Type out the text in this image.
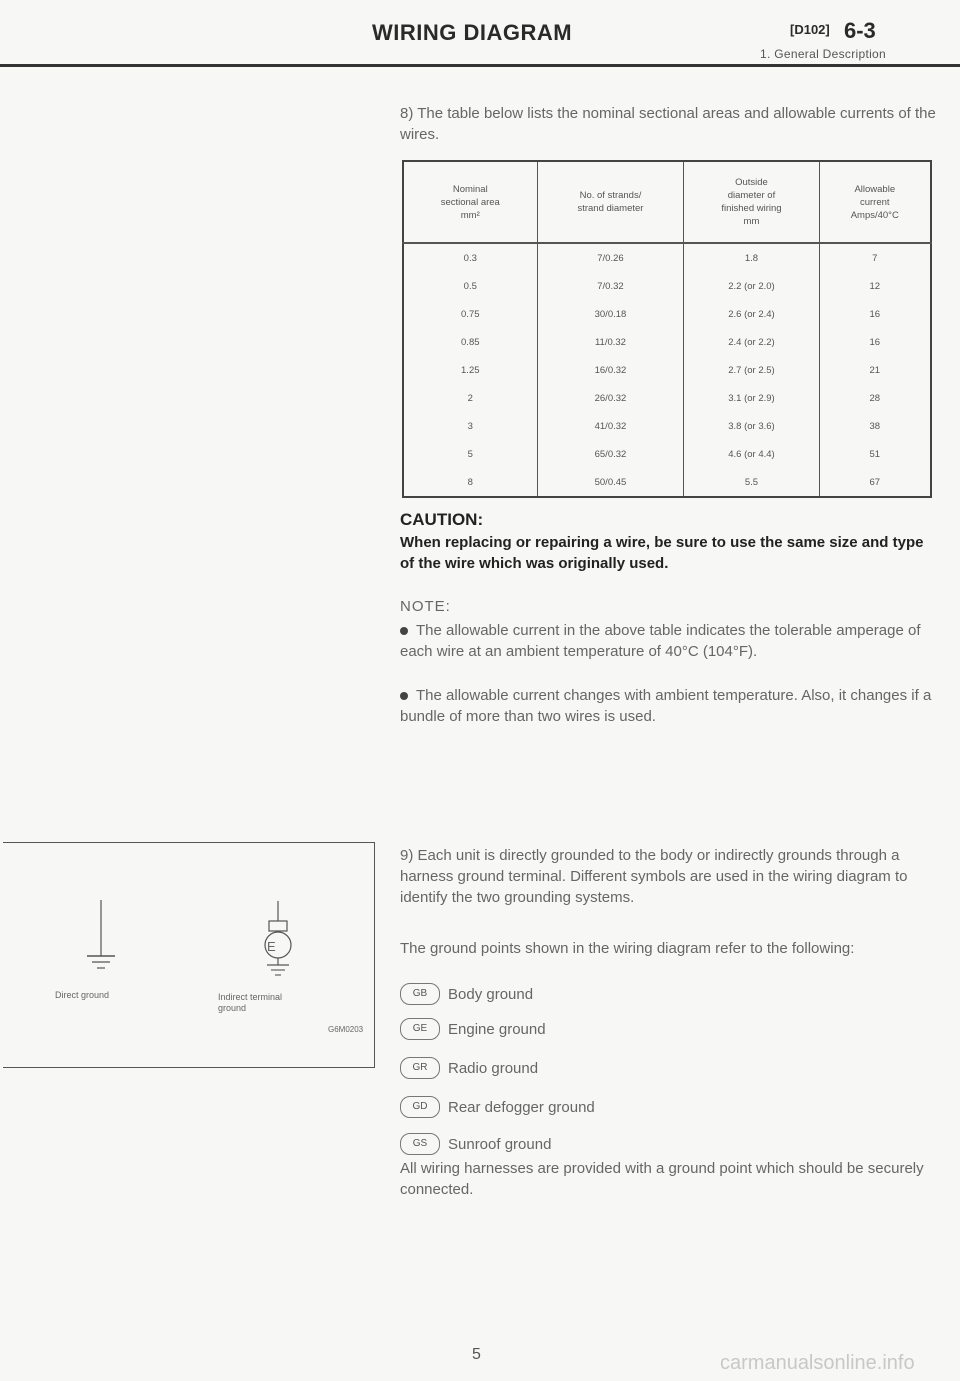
WIRING DIAGRAM	[D102] 6-3
1. General Description
8) The table below lists the nominal sectional areas and allowable currents of the wires.
Nominal
sectional area
mm²	No. of strands/
strand diameter	Outside
diameter of
finished wiring
mm	Allowable
current
Amps/40°C
0.3	7/0.26	1.8	7
0.5	7/0.32	2.2 (or 2.0)	12
0.75	30/0.18	2.6 (or 2.4)	16
0.85	11/0.32	2.4 (or 2.2)	16
1.25	16/0.32	2.7 (or 2.5)	21
2	26/0.32	3.1 (or 2.9)	28
3	41/0.32	3.8 (or 3.6)	38
5	65/0.32	4.6 (or 4.4)	51
8	50/0.45	5.5	67
CAUTION:
When replacing or repairing a wire, be sure to use the same size and type of the wire which was originally used.
NOTE:
The allowable current in the above table indicates the tolerable amperage of each wire at an ambient temperature of 40°C (104°F).
The allowable current changes with ambient temperature. Also, it changes if a bundle of more than two wires is used.
E
Direct ground	Indirect terminal
ground
G6M0203
9) Each unit is directly grounded to the body or indirectly grounds through a harness ground terminal. Different symbols are used in the wiring diagram to identify the two grounding systems.
The ground points shown in the wiring diagram refer to the following:
GB	Body ground
GE	Engine ground
GR	Radio ground
GD	Rear defogger ground
GS	Sunroof ground
All wiring harnesses are provided with a ground point which should be securely connected.
5	carmanualsonline.info
